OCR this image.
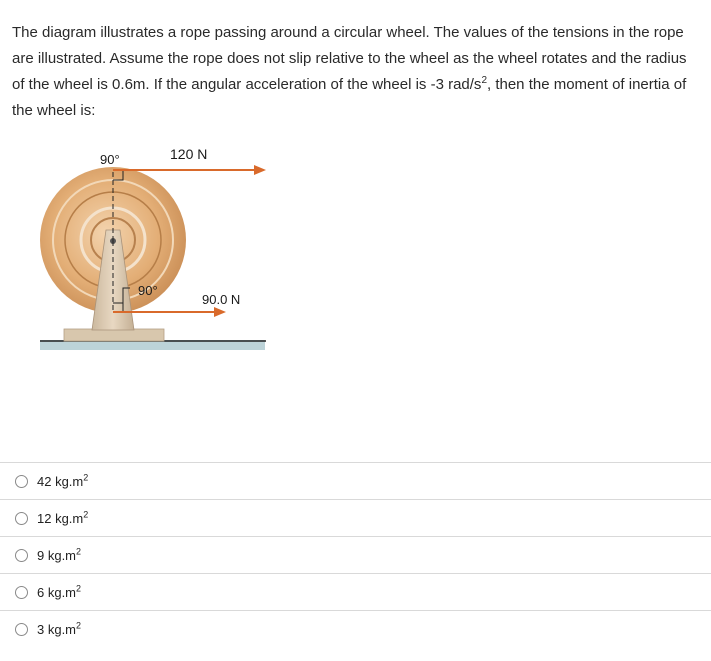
The diagram illustrates a rope passing around a circular wheel. The values of the tensions in the rope are illustrated. Assume the rope does not slip relative to the wheel as the wheel rotates and the radius of the wheel is 0.6m. If the angular acceleration of the wheel is -3 rad/$s^2$, then the moment of inertia of the wheel is:
90°	120 N
90°
90.0 N
42 $kg.m^2$
12 $kg.m^2$
9 $kg.m^2$
6 $kg.m^2$
3 $kg.m^2$
